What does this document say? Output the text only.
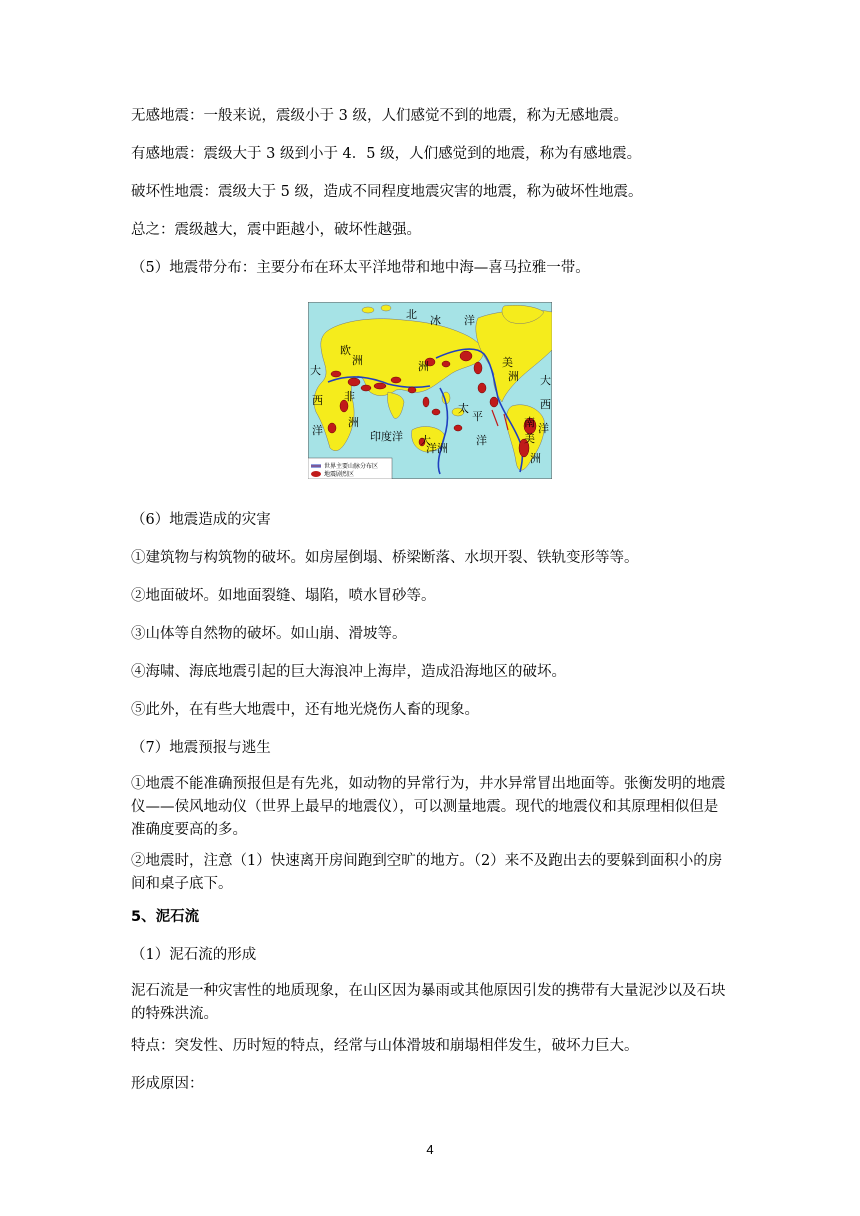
无感地震：一般来说，震级小于 3 级，人们感觉不到的地震，称为无感地震。
有感地震：震级大于 3 级到小于 4．5 级，人们感觉到的地震，称为有感地震。
破坏性地震：震级大于 5 级，造成不同程度地震灾害的地震，称为破坏性地震。
总之：震级越大，震中距越小，破坏性越强。
（5）地震带分布：主要分布在环太平洋地带和地中海—喜马拉雅一带。
北 冰 洋
欧
洲
大
西
洋
非
洲
洲
印度洋
太
平
洋
大
洋洲
美
洲 大
西
洋
南
美
洲
世界主要山脉分布区
地震剧烈区
（6）地震造成的灾害
①建筑物与构筑物的破坏。如房屋倒塌、桥梁断落、水坝开裂、铁轨变形等等。
②地面破坏。如地面裂缝、塌陷，喷水冒砂等。
③山体等自然物的破坏。如山崩、滑坡等。
④海啸、海底地震引起的巨大海浪冲上海岸，造成沿海地区的破坏。
⑤此外，在有些大地震中，还有地光烧伤人畜的现象。
（7）地震预报与逃生
①地震不能准确预报但是有先兆，如动物的异常行为，井水异常冒出地面等。张衡发明的地震仪——侯风地动仪（世界上最早的地震仪），可以测量地震。现代的地震仪和其原理相似但是准确度要高的多。
②地震时，注意（1）快速离开房间跑到空旷的地方。（2）来不及跑出去的要躲到面积小的房间和桌子底下。
5、泥石流
（1）泥石流的形成
泥石流是一种灾害性的地质现象，在山区因为暴雨或其他原因引发的携带有大量泥沙以及石块的特殊洪流。
特点：突发性、历时短的特点，经常与山体滑坡和崩塌相伴发生，破坏力巨大。
形成原因：
4
